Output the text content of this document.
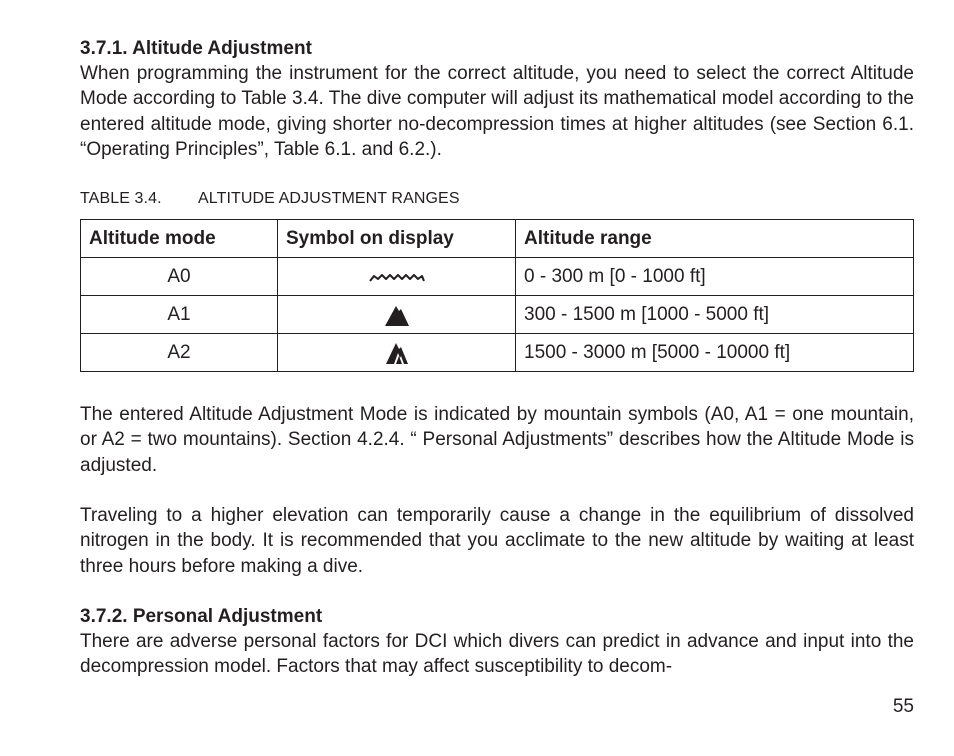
3.7.1. Altitude Adjustment

When programming the instrument for the correct altitude, you need to select the correct Altitude Mode according to Table 3.4. The dive computer will adjust its mathematical model according to the entered altitude mode, giving shorter no-decompression times at higher altitudes (see Section 6.1. “Operating Principles”, Table 6.1. and 6.2.).

TABLE 3.4. ALTITUDE ADJUSTMENT RANGES
Altitude mode	Symbol on display	Altitude range
A0		0 - 300 m [0 - 1000 ft]
A1		300 - 1500 m [1000 - 5000 ft]
A2		1500 - 3000 m [5000 - 10000 ft]

The entered Altitude Adjustment Mode is indicated by mountain symbols (A0, A1 = one mountain, or A2 = two mountains). Section 4.2.4. “ Personal Adjustments” describes how the Altitude Mode is adjusted.

Traveling to a higher elevation can temporarily cause a change in the equilibrium of dissolved nitrogen in the body. It is recommended that you acclimate to the new altitude by waiting at least three hours before making a dive.

3.7.2. Personal Adjustment

There are adverse personal factors for DCI which divers can predict in advance and input into the decompression model. Factors that may affect susceptibility to decom-

55
